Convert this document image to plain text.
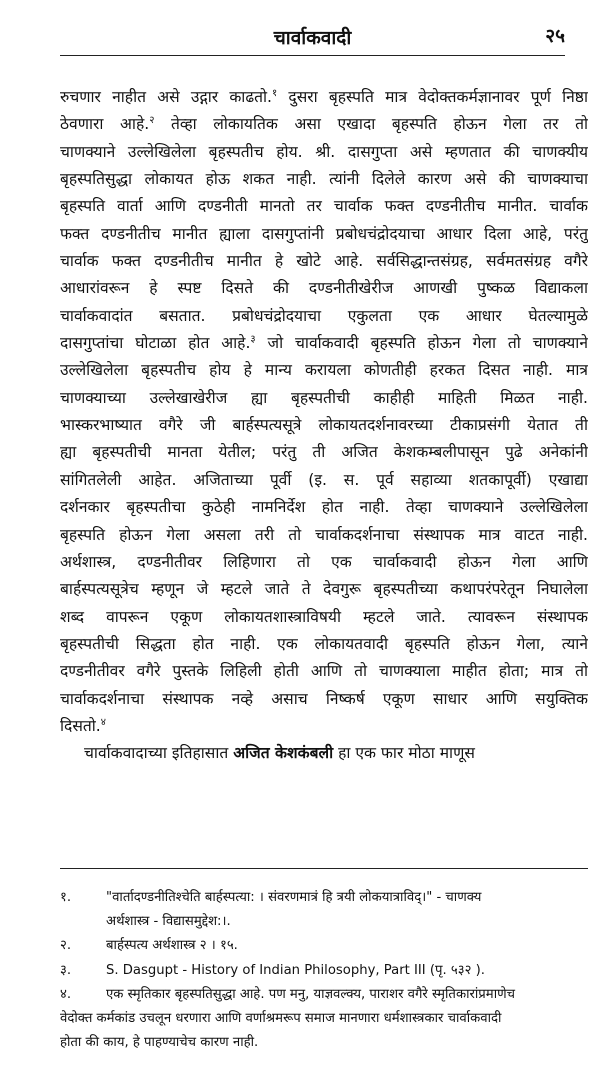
चार्वाकवादी	२५
रुचणार नाहीत असे उद्गार काढतो.$^१$ दुसरा बृहस्पति मात्र वेदोक्तकर्मज्ञानावर पूर्ण निष्ठा
ठेवणारा आहे.$^२$ तेव्हा लोकायतिक असा एखादा बृहस्पति होऊन गेला तर तो
चाणक्याने उल्लेखिलेला बृहस्पतीच होय. श्री. दासगुप्ता असे म्हणतात की चाणक्यीय
बृहस्पतिसुद्धा लोकायत होऊ शकत नाही. त्यांनी दिलेले कारण असे की चाणक्याचा
बृहस्पति वार्ता आणि दण्डनीती मानतो तर चार्वाक फक्त दण्डनीतीच मानीत. चार्वाक
फक्त दण्डनीतीच मानीत ह्याला दासगुप्तांनी प्रबोधचंद्रोदयाचा आधार दिला आहे, परंतु
चार्वाक फक्त दण्डनीतीच मानीत हे खोटे आहे. सर्वसिद्धान्तसंग्रह, सर्वमतसंग्रह वगैरे
आधारांवरून हे स्पष्ट दिसते की दण्डनीतीखेरीज आणखी पुष्कळ विद्याकला
चार्वाकवादांत बसतात. प्रबोधचंद्रोदयाचा एकुलता एक आधार घेतल्यामुळे
दासगुप्तांचा घोटाळा होत आहे.$^३$ जो चार्वाकवादी बृहस्पति होऊन गेला तो चाणक्याने
उल्लेखिलेला बृहस्पतीच होय हे मान्य करायला कोणतीही हरकत दिसत नाही. मात्र
चाणक्याच्या उल्लेखाखेरीज ह्या बृहस्पतीची काहीही माहिती मिळत नाही.
भास्करभाष्यात वगैरे जी बार्हस्पत्यसूत्रे लोकायतदर्शनावरच्या टीकाप्रसंगी येतात ती
ह्या बृहस्पतीची मानता येतील; परंतु ती अजित केशकम्बलीपासून पुढे अनेकांनी
सांगितलेली आहेत. अजिताच्या पूर्वी (इ. स. पूर्व सहाव्या शतकापूर्वी) एखाद्या
दर्शनकार बृहस्पतीचा कुठेही नामनिर्देश होत नाही. तेव्हा चाणक्याने उल्लेखिलेला
बृहस्पति होऊन गेला असला तरी तो चार्वाकदर्शनाचा संस्थापक मात्र वाटत नाही.
अर्थशास्त्र, दण्डनीतीवर लिहिणारा तो एक चार्वाकवादी होऊन गेला आणि
बार्हस्पत्यसूत्रेच म्हणून जे म्हटले जाते ते देवगुरू बृहस्पतीच्या कथापरंपरेतून निघालेला
शब्द वापरून एकूण लोकायतशास्त्राविषयी म्हटले जाते. त्यावरून संस्थापक
बृहस्पतीची सिद्धता होत नाही. एक लोकायतवादी बृहस्पति होऊन गेला, त्याने
दण्डनीतीवर वगैरे पुस्तके लिहिली होती आणि तो चाणक्याला माहीत होता; मात्र तो
चार्वाकदर्शनाचा संस्थापक नव्हे असाच निष्कर्ष एकूण साधार आणि सयुक्तिक
दिसतो.$^४$
चार्वाकवादाच्या इतिहासात अजित केशकंबली हा एक फार मोठा माणूस
१.	"वार्तादण्डनीतिश्चेति बार्हस्पत्या: । संवरणमात्रं हि त्रयी लोकयात्राविद्।" - चाणक्य
अर्थशास्त्र - विद्यासमुद्देश:।.
२.	बार्हस्पत्य अर्थशास्त्र २ । १५.
३.	S. Dasgupt - History of Indian Philosophy, Part III (पृ. ५३२ ).
४.	एक स्मृतिकार बृहस्पतिसुद्धा आहे. पण मनु, याज्ञवल्क्य, पाराशर वगैरे स्मृतिकारांप्रमाणेच
वेदोक्त कर्मकांड उचलून धरणारा आणि वर्णाश्रमरूप समाज मानणारा धर्मशास्त्रकार चार्वाकवादी
होता की काय, हे पाहण्याचेच कारण नाही.
